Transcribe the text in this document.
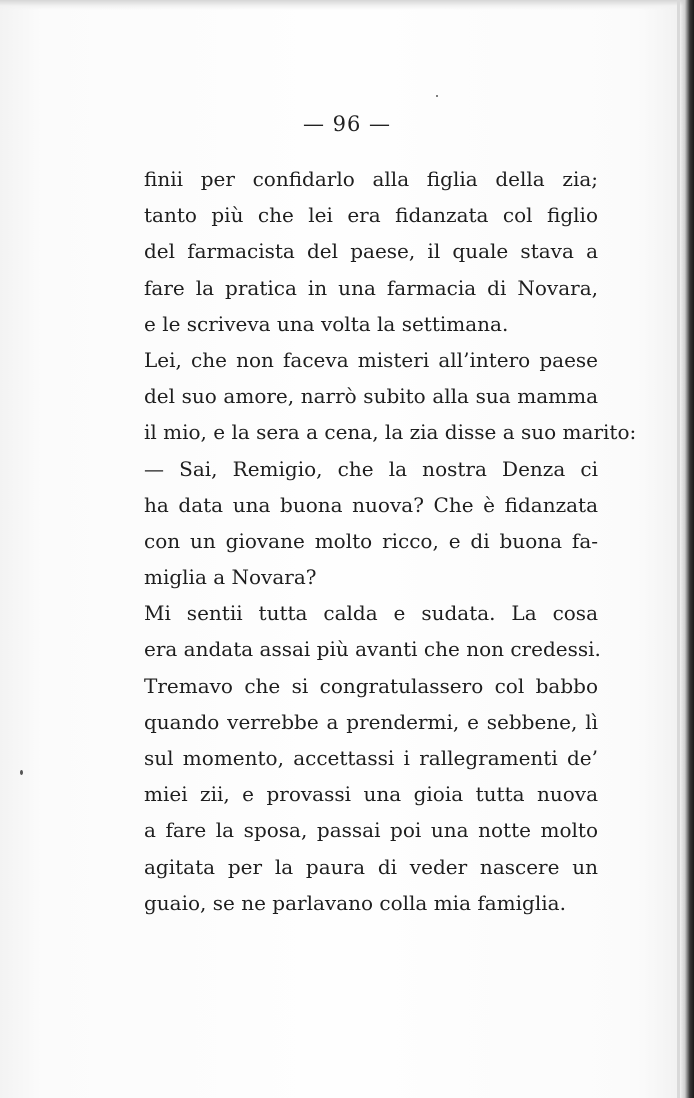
— 96 —
finii per confidarlo alla figlia della zia;
tanto più che lei era fidanzata col figlio
del farmacista del paese, il quale stava a
fare la pratica in una farmacia di Novara,
e le scriveva una volta la settimana.
Lei, che non faceva misteri all’intero paese
del suo amore, narrò subito alla sua mamma
il mio, e la sera a cena, la zia disse a suo marito:
— Sai, Remigio, che la nostra Denza ci
ha data una buona nuova? Che è fidanzata
con un giovane molto ricco, e di buona fa-
miglia a Novara?
Mi sentii tutta calda e sudata. La cosa
era andata assai più avanti che non credessi.
Tremavo che si congratulassero col babbo
quando verrebbe a prendermi, e sebbene, lì
sul momento, accettassi i rallegramenti de’
miei zii, e provassi una gioia tutta nuova
a fare la sposa, passai poi una notte molto
agitata per la paura di veder nascere un
guaio, se ne parlavano colla mia famiglia.
